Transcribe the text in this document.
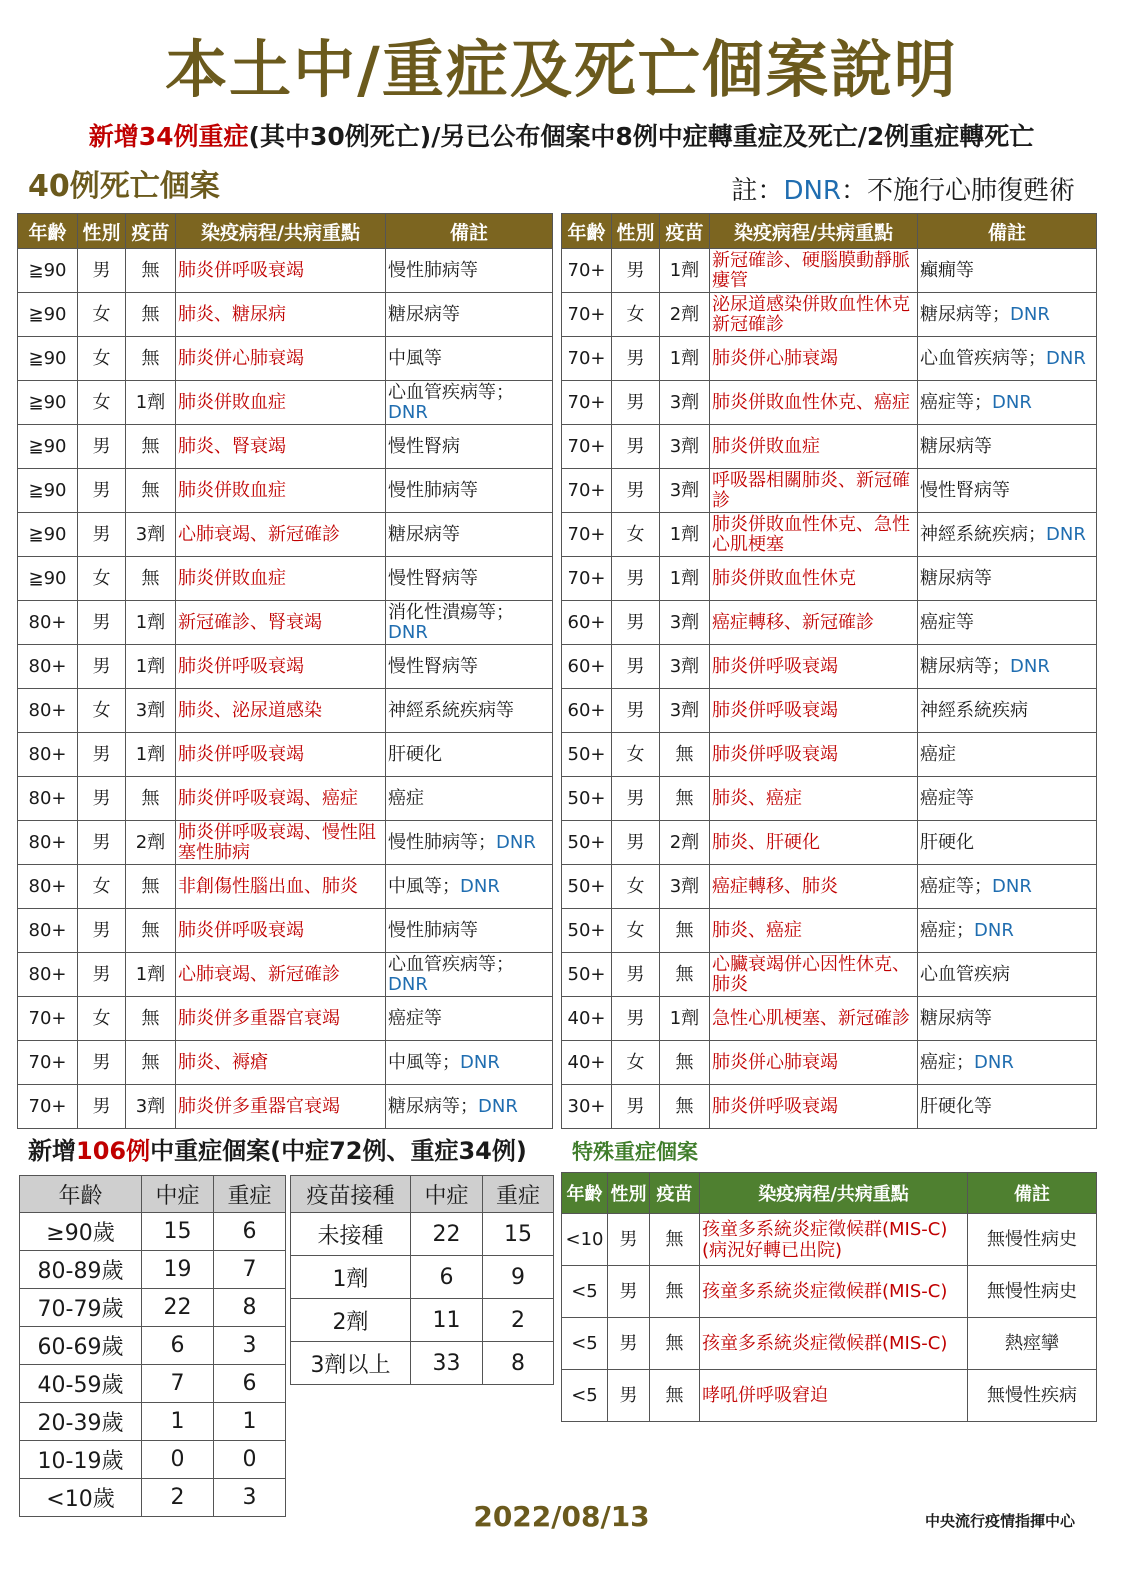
本土中/重症及死亡個案說明
新增34例重症(其中30例死亡)/另已公布個案中8例中症轉重症及死亡/2例重症轉死亡
40例死亡個案	註：DNR：不施行心肺復甦術
年齡	性別	疫苗	染疫病程/共病重點	備註
≧90	男	無	肺炎併呼吸衰竭	慢性肺病等
≧90	女	無	肺炎、糖尿病	糖尿病等
≧90	女	無	肺炎併心肺衰竭	中風等
≧90	女	1劑	肺炎併敗血症	心血管疾病等；DNR
≧90	男	無	肺炎、腎衰竭	慢性腎病
≧90	男	無	肺炎併敗血症	慢性肺病等
≧90	男	3劑	心肺衰竭、新冠確診	糖尿病等
≧90	女	無	肺炎併敗血症	慢性腎病等
80+	男	1劑	新冠確診、腎衰竭	消化性潰瘍等；DNR
80+	男	1劑	肺炎併呼吸衰竭	慢性腎病等
80+	女	3劑	肺炎、泌尿道感染	神經系統疾病等
80+	男	1劑	肺炎併呼吸衰竭	肝硬化
80+	男	無	肺炎併呼吸衰竭、癌症	癌症
80+	男	2劑	肺炎併呼吸衰竭、慢性阻塞性肺病	慢性肺病等；DNR
80+	女	無	非創傷性腦出血、肺炎	中風等；DNR
80+	男	無	肺炎併呼吸衰竭	慢性肺病等
80+	男	1劑	心肺衰竭、新冠確診	心血管疾病等；DNR
70+	女	無	肺炎併多重器官衰竭	癌症等
70+	男	無	肺炎、褥瘡	中風等；DNR
70+	男	3劑	肺炎併多重器官衰竭	糖尿病等；DNR
年齡	性別	疫苗	染疫病程/共病重點	備註
70+	男	1劑	新冠確診、硬腦膜動靜脈瘻管	癲癇等
70+	女	2劑	泌尿道感染併敗血性休克新冠確診	糖尿病等；DNR
70+	男	1劑	肺炎併心肺衰竭	心血管疾病等；DNR
70+	男	3劑	肺炎併敗血性休克、癌症	癌症等；DNR
70+	男	3劑	肺炎併敗血症	糖尿病等
70+	男	3劑	呼吸器相關肺炎、新冠確診	慢性腎病等
70+	女	1劑	肺炎併敗血性休克、急性心肌梗塞	神經系統疾病；DNR
70+	男	1劑	肺炎併敗血性休克	糖尿病等
60+	男	3劑	癌症轉移、新冠確診	癌症等
60+	男	3劑	肺炎併呼吸衰竭	糖尿病等；DNR
60+	男	3劑	肺炎併呼吸衰竭	神經系統疾病
50+	女	無	肺炎併呼吸衰竭	癌症
50+	男	無	肺炎、癌症	癌症等
50+	男	2劑	肺炎、肝硬化	肝硬化
50+	女	3劑	癌症轉移、肺炎	癌症等；DNR
50+	女	無	肺炎、癌症	癌症；DNR
50+	男	無	心臟衰竭併心因性休克、肺炎	心血管疾病
40+	男	1劑	急性心肌梗塞、新冠確診	糖尿病等
40+	女	無	肺炎併心肺衰竭	癌症；DNR
30+	男	無	肺炎併呼吸衰竭	肝硬化等
新增106例中重症個案(中症72例、重症34例) 特殊重症個案
年齡	中症	重症
≥90歲	15	6
80-89歲	19	7
70-79歲	22	8
60-69歲	6	3
40-59歲	7	6
20-39歲	1	1
10-19歲	0	0
<10歲	2	3
疫苗接種	中症	重症
未接種	22	15
1劑	6	9
2劑	11	2
3劑以上	33	8
年齡	性別	疫苗	染疫病程/共病重點	備註
<10	男	無	孩童多系統炎症徵候群(MIS-C)(病況好轉已出院)	無慢性病史
<5	男	無	孩童多系統炎症徵候群(MIS-C)	無慢性病史
<5	男	無	孩童多系統炎症徵候群(MIS-C)	熱痙攣
<5	男	無	哮吼併呼吸窘迫	無慢性疾病
2022/08/13	中央流行疫情指揮中心
